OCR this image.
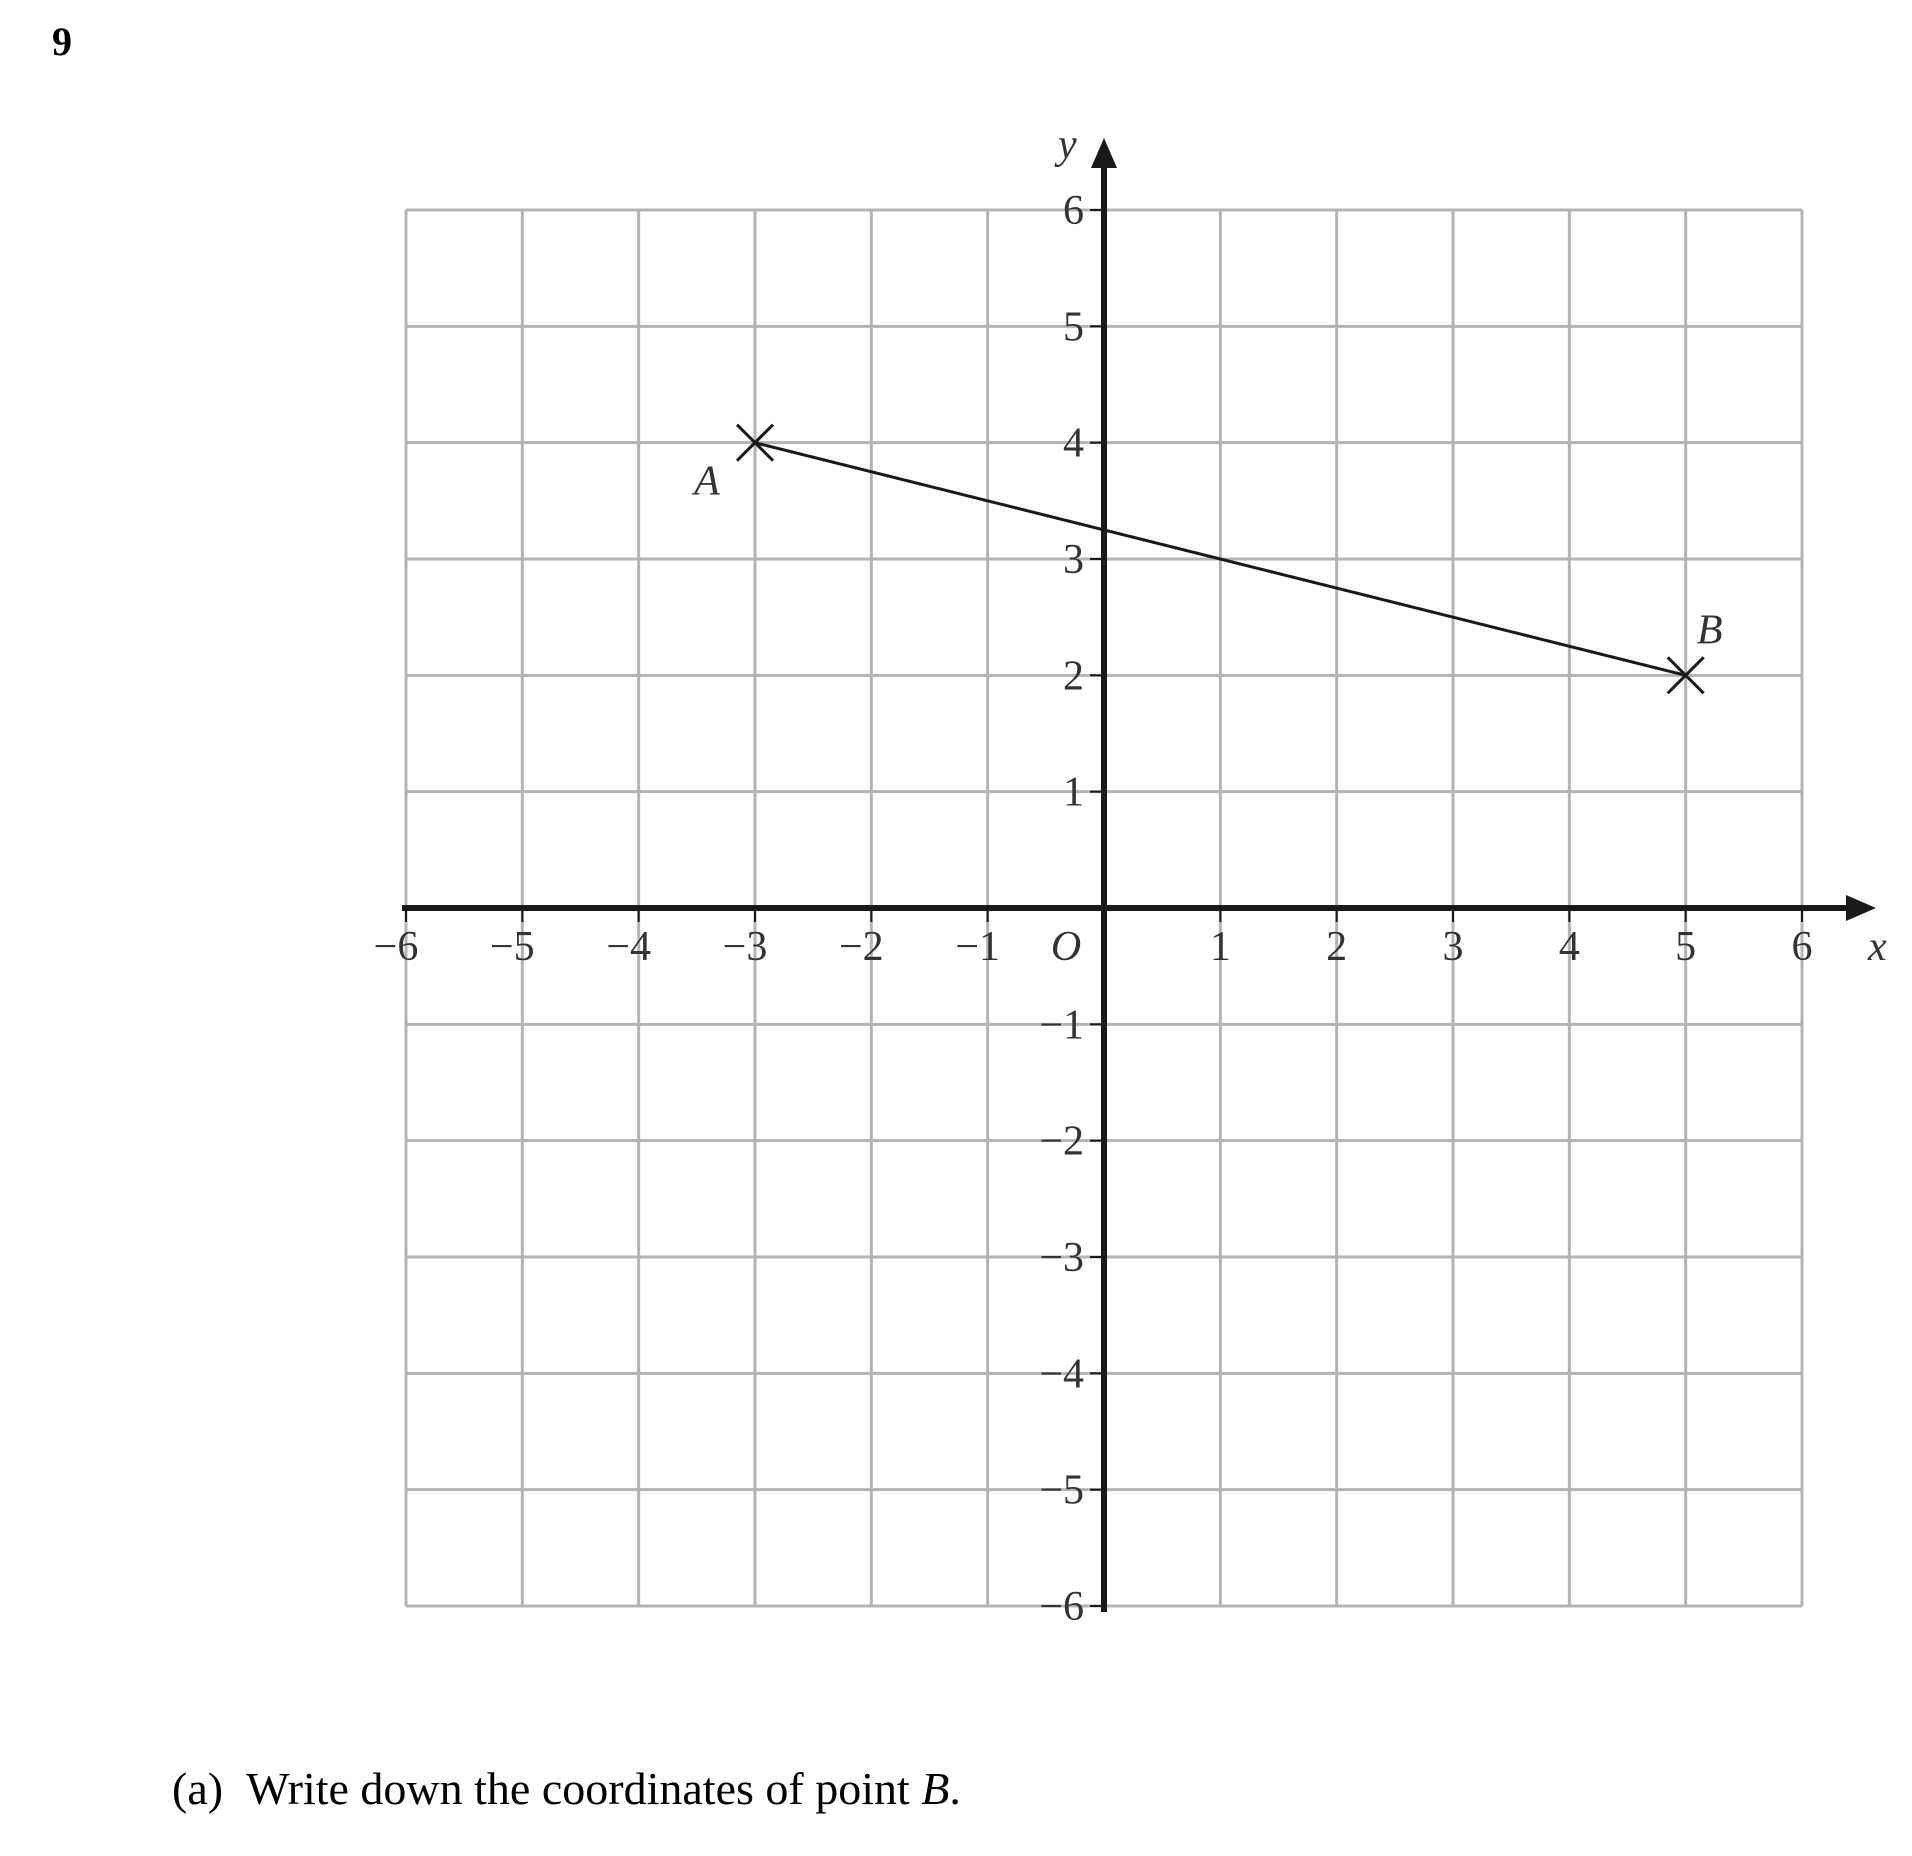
9
−6 −5 −4 −3 −2 −1	1 2 3 4 5 6
6
5
4
3
2
1
−1
−2
−3
−4
−5
−6
x
y
O
A
B
(a) Write down the coordinates of point B.
